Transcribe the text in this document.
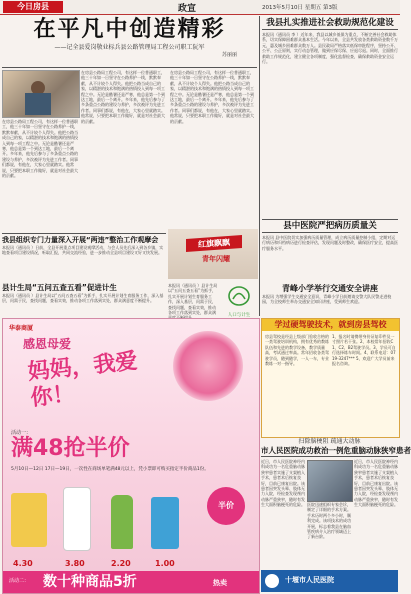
今日房县	政宣	2013年5月10日 星期五 第3版
在平凡中创造精彩
——记全县爱岗敬业标兵县公路管理局工程公司职工阮军
苏丽丽
在房县公路局工程公司，有这样一位普通职工，他三十年如一日坚守在公路养护一线，默默奉献，从不计较个人得失。他把公路当成自己的家，以精湛的技术和饱满的热情投入到每一项工程之中。无论是酷暑还是严寒，他总是第一个到达工地，最后一个离开。多年来，他先后参与了多条重点公路的建设与养护，多次被评为先进工作者。同事们都说，有他在，大家心里就踏实。他常说，只要把本职工作做好，就是对社会最大的贡献。
在房县公路局工程公司，有这样一位普通职工，他三十年如一日坚守在公路养护一线，默默奉献，从不计较个人得失。他把公路当成自己的家，以精湛的技术和饱满的热情投入到每一项工程之中。无论是酷暑还是严寒，他总是第一个到达工地，最后一个离开。多年来，他先后参与了多条重点公路的建设与养护，多次被评为先进工作者。同事们都说，有他在，大家心里就踏实。他常说，只要把本职工作做好，就是对社会最大的贡献。
在房县公路局工程公司，有这样一位普通职工，他三十年如一日坚守在公路养护一线，默默奉献，从不计较个人得失。他把公路当成自己的家，以精湛的技术和饱满的热情投入到每一项工程之中。无论是酷暑还是严寒，他总是第一个到达工地，最后一个离开。多年来，他先后参与了多条重点公路的建设与养护，多次被评为先进工作者。同事们都说，有他在，大家心里就踏实。他常说，只要把本职工作做好，就是对社会最大的贡献。
我县扎实推进社会救助规范化建设
本报讯（通讯员 李 ）近年来，我县以城乡低保为重点，不断完善社会救助体系，切实保障困难群众基本生活。今年以来，全县共发放各类救助资金数千万元，惠及城乡困难群众数万人。县民政局严格落实低保审批程序，坚持公开、公平、公正原则，实行动态管理，做到应保尽保、应退尽退。同时，全面推行救助工作规范化，建立健全各项制度，强化监督检查，确保救助资金安全运行。
红旗飘飘
青年闪耀
县中医院严把病历质量关
本报讯 县中医院切实加强病历质量管理，成立病历质量控制小组，定期对运行病历和归档病历进行检查评估，发现问题及时整改，确保医疗安全，提高医疗服务水平。
青峰小学举行交通安全讲座
本报讯 为增强学生交通安全意识，青峰小学日前邀请交警大队民警走进校园，为全校师生举办交通安全知识讲座，受到师生欢迎。
我县组织专门力量深入开展“两违”整治工作观摩会
本报讯（通讯员 ）日前，全县开展重点项目建设观摩活动，与会人员先后深入到各乡镇，实地查看项目建设情况，听取汇报，共同交流经验，进一步推动全县项目建设又好又快发展。
县计生局“五问五查五看”促进计生
本报讯（通讯员 ）县计生局以“五问五查五看”为抓手，扎实开展计划生育服务工作，深入基层，问需于民，查找问题，查看实效，推动各项工作落到实处，群众满意度不断提升。
本报讯（通讯员 ）县计生局以“五问五查五看”为抓手，扎实开展计划生育服务工作，深入基层，问需于民，查找问题，查看实效，推动各项工作落到实处，群众满
人口与计生
华泰商厦
感恩母爱
妈妈，我爱你！
活动一：
满48抢半价
5月10日—12日 17日—19日，一次性在商场单笔满48元以上，凭小票即可购买指定半价商品1份。
半价
4.30	3.80	2.20	1.00
活动二： 数十种商品5折	热卖
学过硬驾驶技术，就到房县驾校
房县驾校是经县上级部门验收合格的一类驾驶培训机构，拥有优秀的教练队伍和先进的教学设备，教学质量高，考试通过率高。常年招收各类驾驶学员，随到随学，一人一车，专业教练一对一指导。
1、报名时请携带身份证复印件及一寸照片若干张。2、本校常年招收C1、C2、B2驾驶学员。3、学员可自行选择练车时间。4、联系电话：0719-3247*** 5、欢迎广大学员前来报名咨询。
扫除脑梗阻 疏通大动脉
市人民医院成功救治一例危重脑动脉狭窄患者
近日，市人民医院神经内科成功为一名危重脑动脉狭窄患者实施了支架植入手术，患者术后恢复良好，目前已康复出院。该患者因突发头晕、肢体无力入院，经检查发现颅内动脉严重狭窄，随时有发生大面积脑梗死的危险。 医院迅速组织专家会诊，制定了详细的手术方案。手术历时两个多小时，顺利完成。该项技术的成功开展，标志着我县在脑血管疾病介入治疗领域迈上了新台阶。
近日，市人民医院神经内科成功为一名危重脑动脉狭窄患者实施了支架植入手术，患者术后恢复良好，目前已康复出院。该患者因突发头晕、肢体无力入院，经检查发现颅内动脉严重狭窄，随时有发生大面积脑梗死的危险。
十堰市人民医院
